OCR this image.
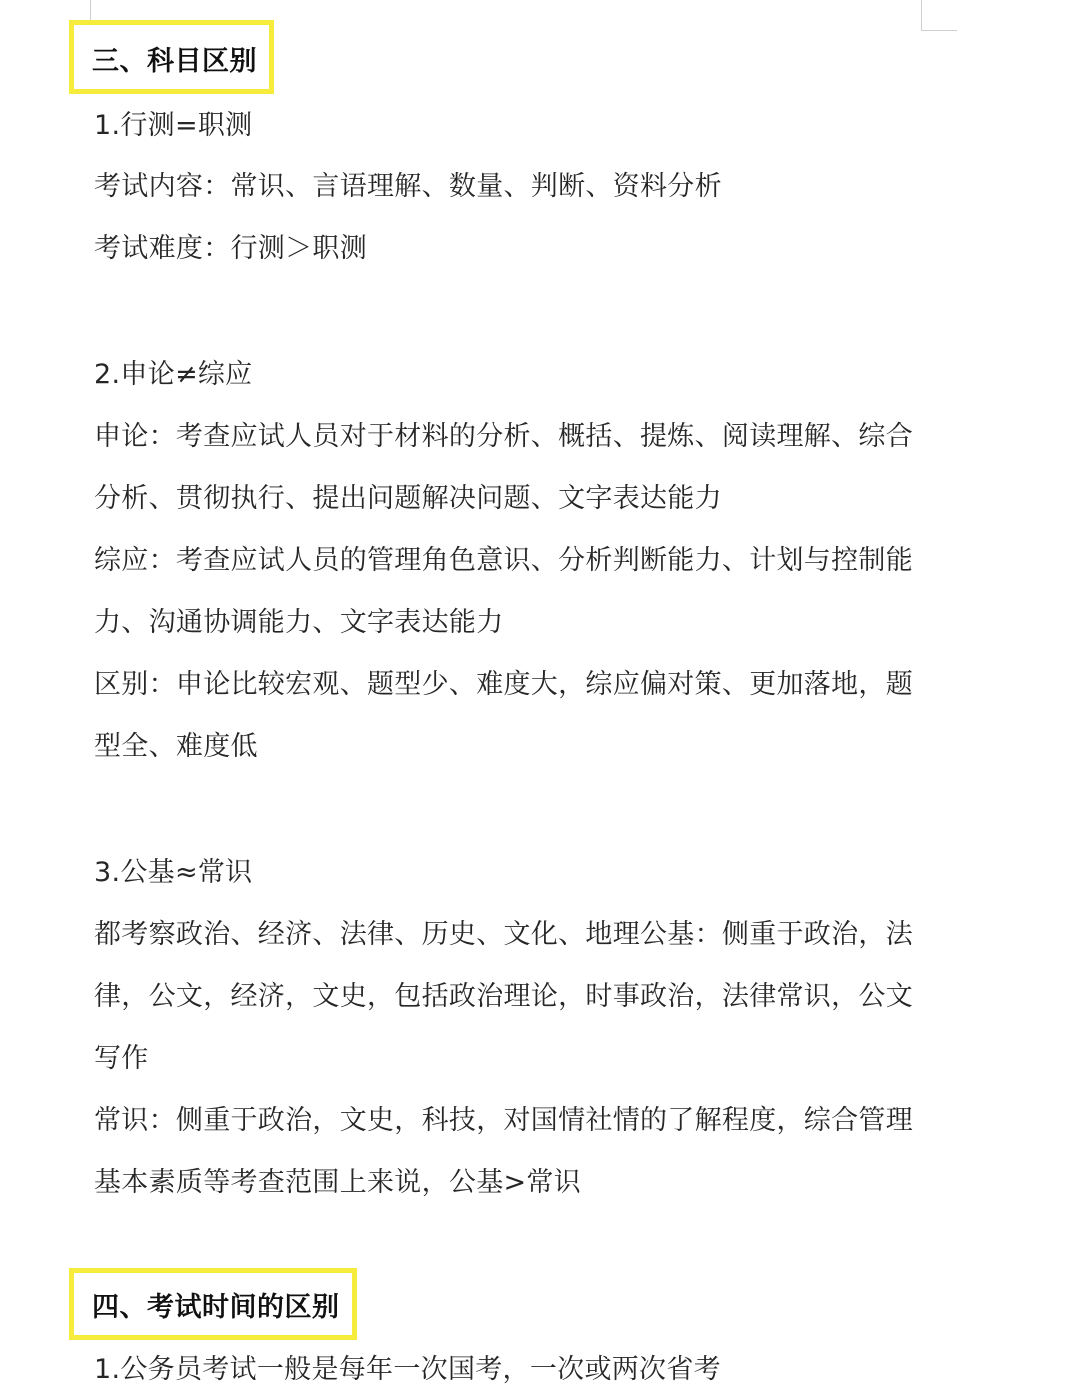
三、科目区别
1.行测=职测
考试内容：常识、言语理解、数量、判断、资料分析
考试难度：行测＞职测
2.申论≠综应
申论：考查应试人员对于材料的分析、概括、提炼、阅读理解、综合
分析、贯彻执行、提出问题解决问题、文字表达能力
综应：考查应试人员的管理角色意识、分析判断能力、计划与控制能
力、沟通协调能力、文字表达能力
区别：申论比较宏观、题型少、难度大，综应偏对策、更加落地，题
型全、难度低
3.公基≈常识
都考察政治、经济、法律、历史、文化、地理公基：侧重于政治，法
律，公文，经济，文史，包括政治理论，时事政治，法律常识，公文
写作
常识：侧重于政治，文史，科技，对国情社情的了解程度，综合管理
基本素质等考查范围上来说，公基>常识
四、考试时间的区别
1.公务员考试一般是每年一次国考，一次或两次省考
